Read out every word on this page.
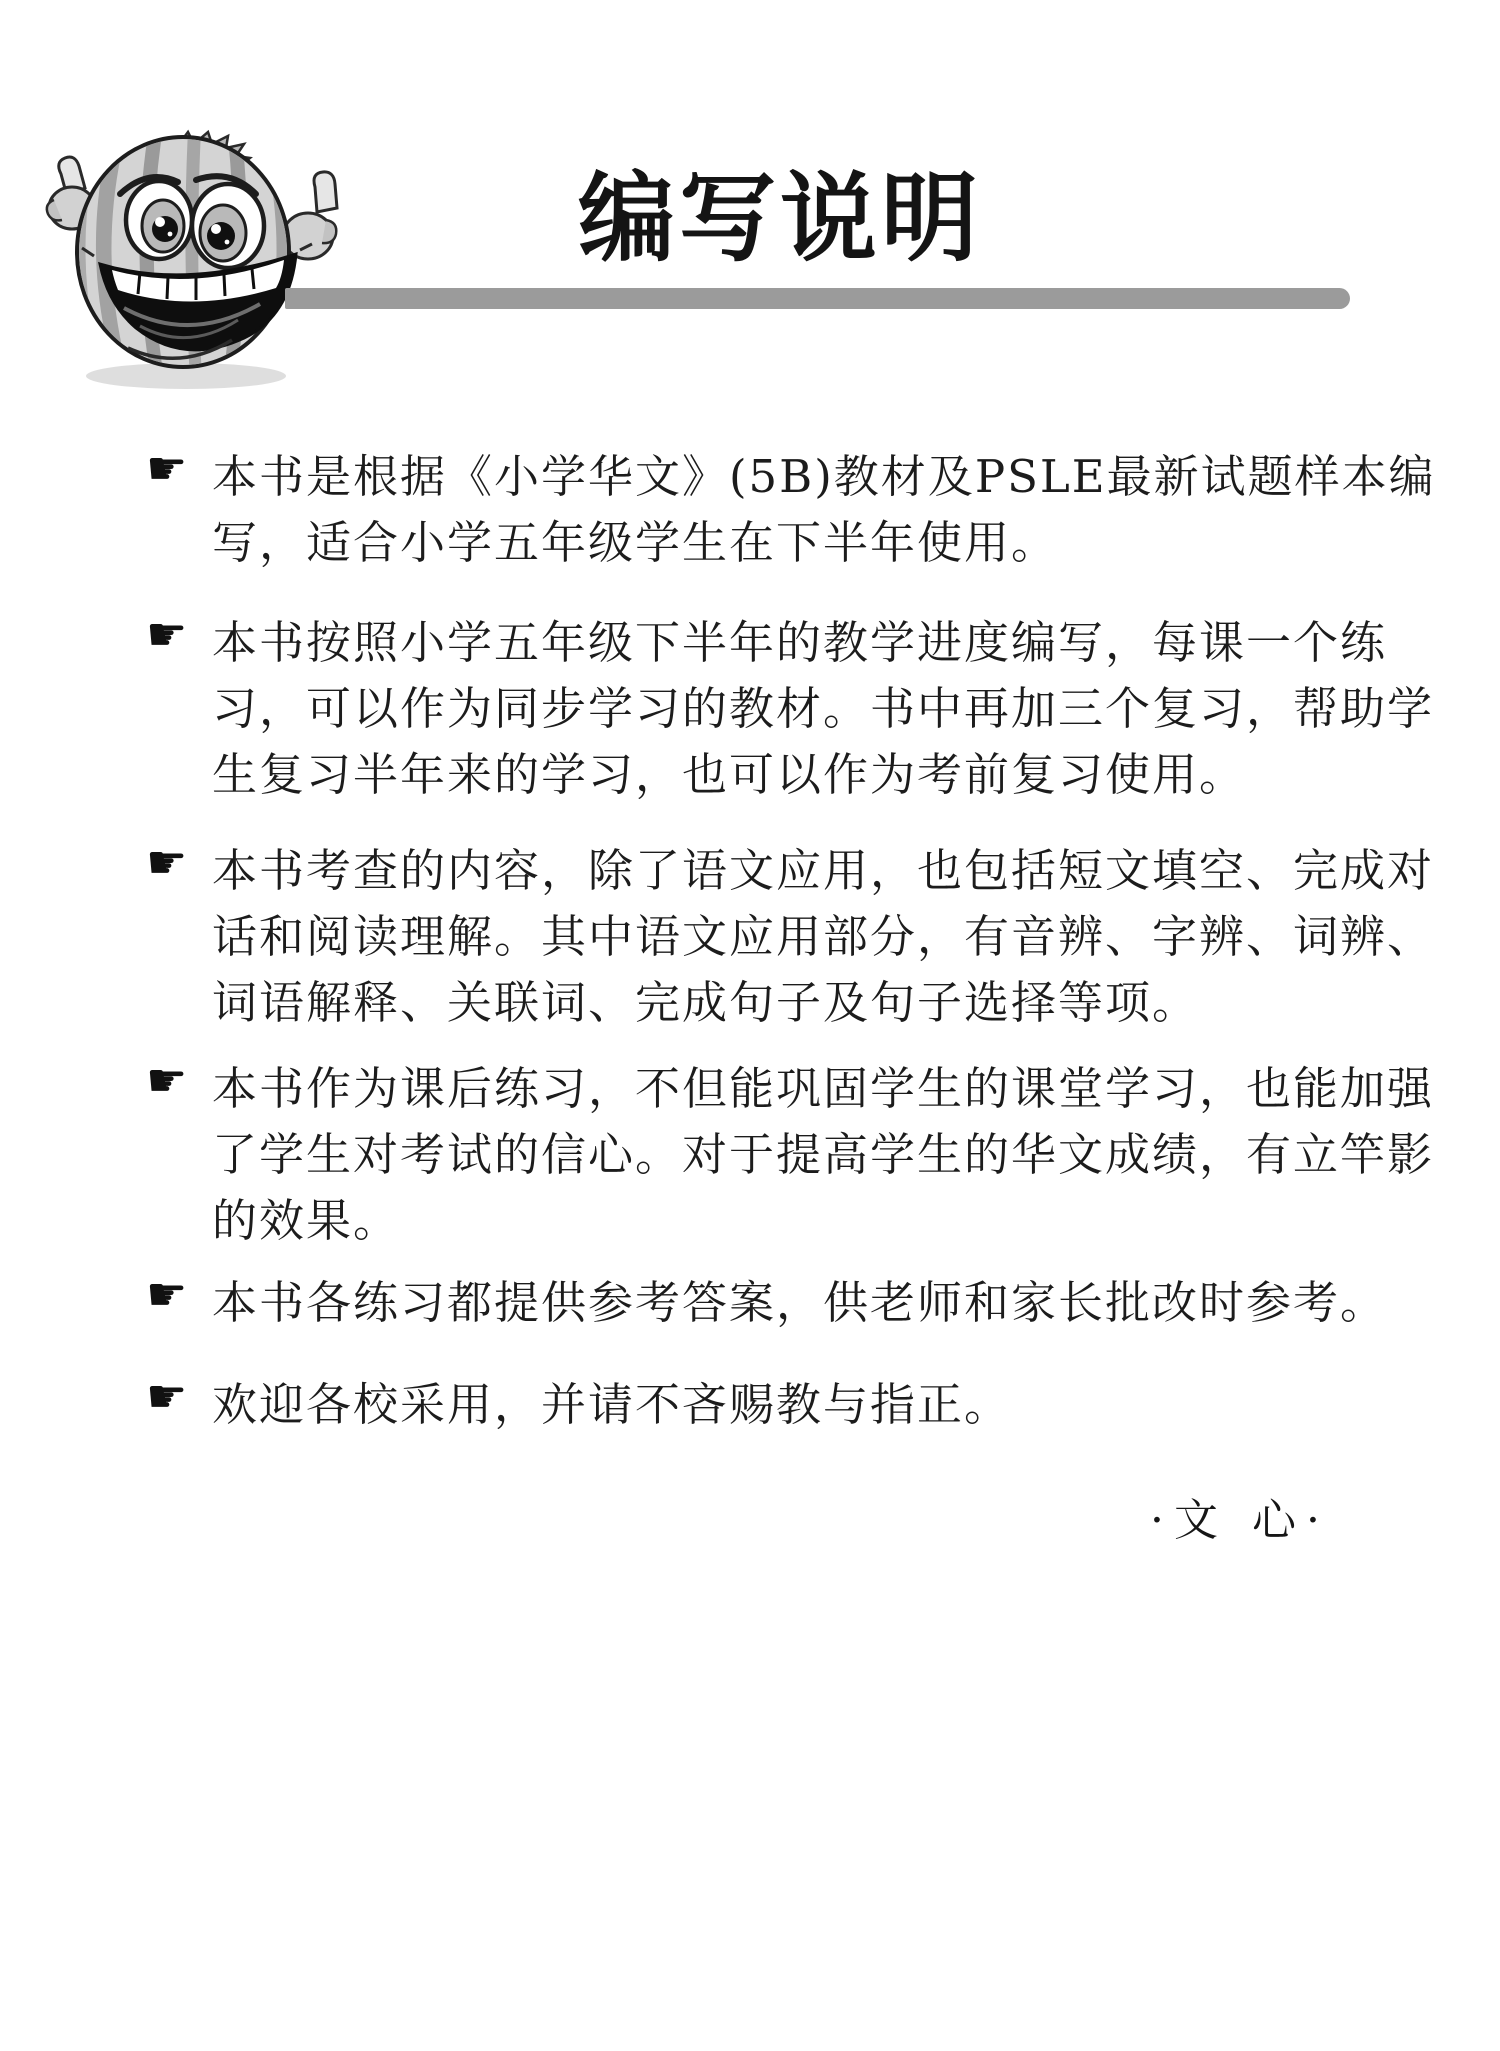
编写说明
☛ 本书是根据《小学华文》(5B)教材及PSLE最新试题样本编
写，适合小学五年级学生在下半年使用。
☛ 本书按照小学五年级下半年的教学进度编写，每课一个练
习，可以作为同步学习的教材。书中再加三个复习，帮助学
生复习半年来的学习，也可以作为考前复习使用。
☛ 本书考查的内容，除了语文应用，也包括短文填空、完成对
话和阅读理解。其中语文应用部分，有音辨、字辨、词辨、
词语解释、关联词、完成句子及句子选择等项。
☛ 本书作为课后练习，不但能巩固学生的课堂学习，也能加强
了学生对考试的信心。对于提高学生的华文成绩，有立竿影
的效果。
☛ 本书各练习都提供参考答案，供老师和家长批改时参考。
☛ 欢迎各校采用，并请不吝赐教与指正。
·文 心·
